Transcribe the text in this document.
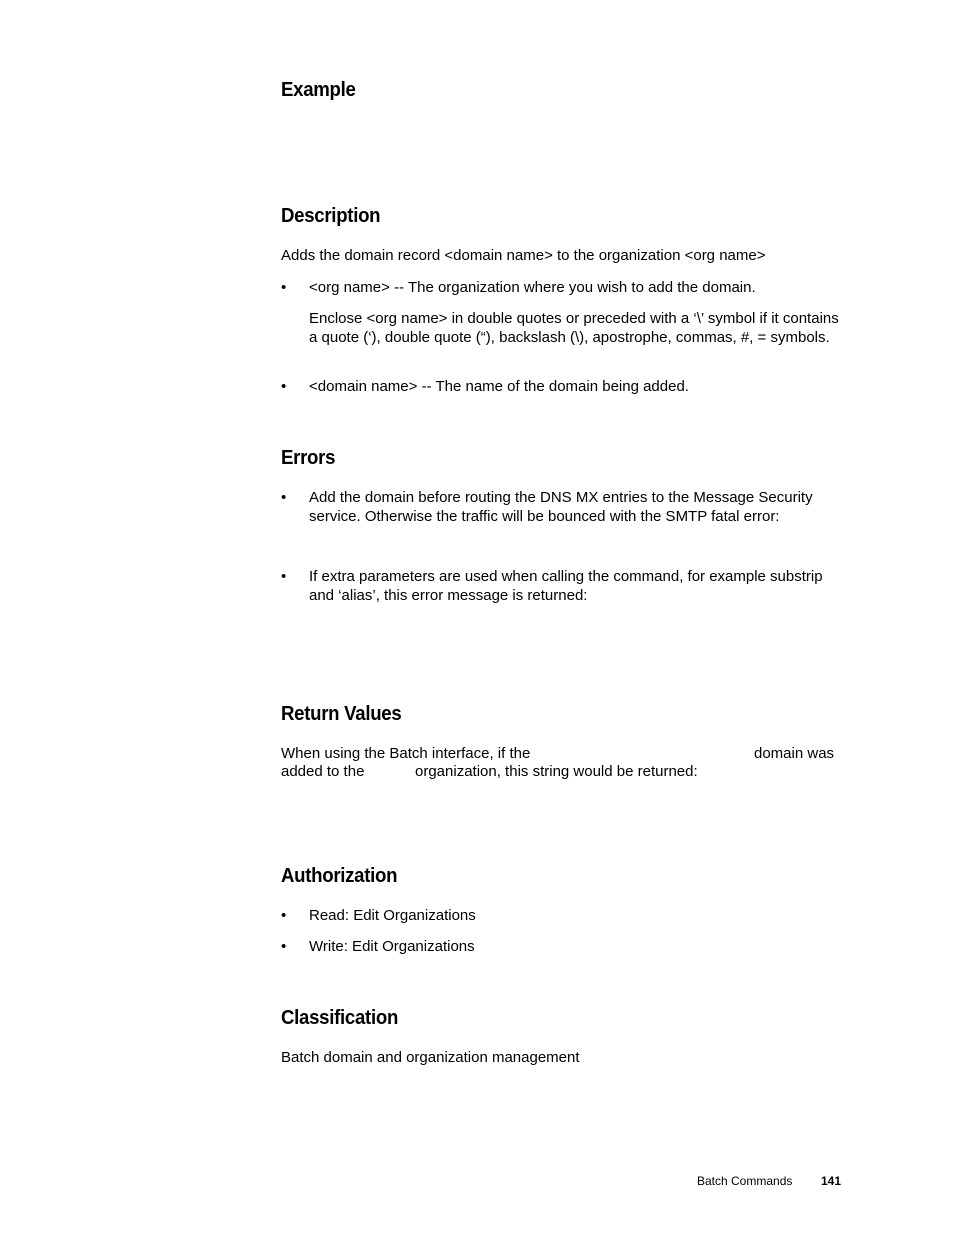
Example
Description
Adds the domain record <domain name> to the organization <org name>
• <org name> -- The organization where you wish to add the domain.
Enclose <org name> in double quotes or preceded with a ‘\’ symbol if it contains a quote (‘), double quote (“), backslash (\), apostrophe, commas, #, = symbols.
• <domain name> -- The name of the domain being added.
Errors
• Add the domain before routing the DNS MX entries to the Message Security service. Otherwise the traffic will be bounced with the SMTP fatal error:
• If extra parameters are used when calling the command, for example substrip and ‘alias’, this error message is returned:
Return Values
When using the Batch interface, if the	domain was
added to the	organization, this string would be returned:
Authorization
• Read: Edit Organizations
• Write: Edit Organizations
Classification
Batch domain and organization management
Batch Commands 141
